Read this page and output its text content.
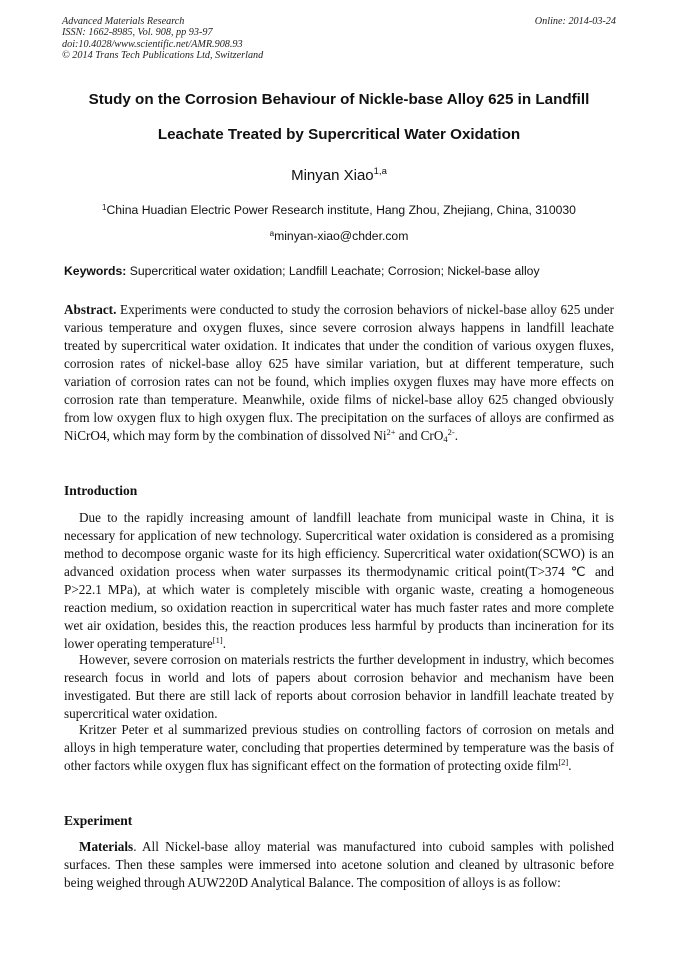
Advanced Materials Research
ISSN: 1662-8985, Vol. 908, pp 93-97
doi:10.4028/www.scientific.net/AMR.908.93
© 2014 Trans Tech Publications Ltd, Switzerland
Online: 2014-03-24
Study on the Corrosion Behaviour of Nickle-base Alloy 625 in Landfill
Leachate Treated by Supercritical Water Oxidation
Minyan Xiao$^{1,a}$
$^1$China Huadian Electric Power Research institute, Hang Zhou, Zhejiang, China, 310030
$^a$minyan-xiao@chder.com
Keywords: Supercritical water oxidation; Landfill Leachate; Corrosion; Nickel-base alloy
Abstract. Experiments were conducted to study the corrosion behaviors of nickel-base alloy 625 under various temperature and oxygen fluxes, since severe corrosion always happens in landfill leachate treated by supercritical water oxidation. It indicates that under the condition of various oxygen fluxes, corrosion rates of nickel-base alloy 625 have similar variation, but at different temperature, such variation of corrosion rates can not be found, which implies oxygen fluxes may have more effects on corrosion rate than temperature. Meanwhile, oxide films of nickel-base alloy 625 changed obviously from low oxygen flux to high oxygen flux. The precipitation on the surfaces of alloys are confirmed as NiCrO4, which may form by the combination of dissolved $Ni^{2+}$ and CrO$_4^{2-}$.
Introduction
Due to the rapidly increasing amount of landfill leachate from municipal waste in China, it is necessary for application of new technology. Supercritical water oxidation is considered as a promising method to decompose organic waste for its high efficiency. Supercritical water oxidation(SCWO) is an advanced oxidation process when water surpasses its thermodynamic critical point(T>374 ℃ and P>22.1 MPa), at which water is completely miscible with organic waste, creating a homogeneous reaction medium, so oxidation reaction in supercritical water has much faster rates and more complete wet air oxidation, besides this, the reaction produces less harmful by products than incineration for its lower operating temperature[1].
However, severe corrosion on materials restricts the further development in industry, which becomes research focus in world and lots of papers about corrosion behavior and mechanism have been investigated. But there are still lack of reports about corrosion behavior in landfill leachate treated by supercritical water oxidation.
Kritzer Peter et al summarized previous studies on controlling factors of corrosion on metals and alloys in high temperature water, concluding that properties determined by temperature was the basis of other factors while oxygen flux has significant effect on the formation of protecting oxide film[2].
Experiment
Materials. All Nickel-base alloy material was manufactured into cuboid samples with polished surfaces. Then these samples were immersed into acetone solution and cleaned by ultrasonic before being weighed through AUW220D Analytical Balance. The composition of alloys is as follow:
